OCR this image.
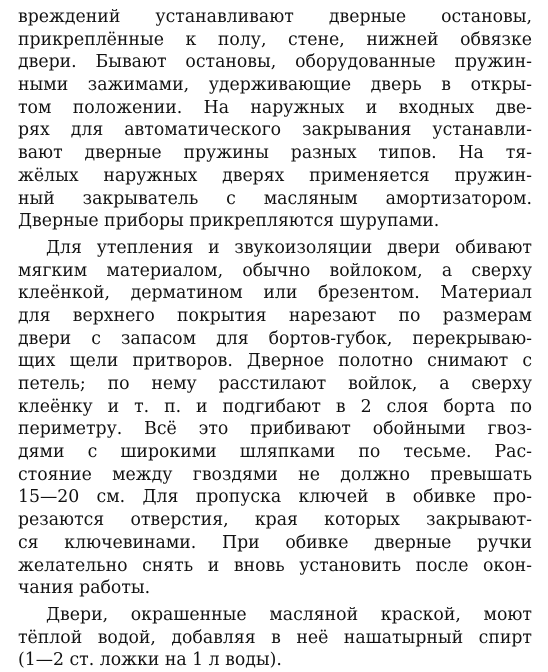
вреждений устанавливают дверные остановы,
прикреплённые к полу, стене, нижней обвязке
двери. Бывают остановы, оборудованные пружин-
ными зажимами, удерживающие дверь в откры-
том положении. На наружных и входных две-
рях для автоматического закрывания устанавли-
вают дверные пружины разных типов. На тя-
жёлых наружных дверях применяется пружин-
ный закрыватель с масляным амортизатором.
Дверные приборы прикрепляются шурупами.
Для утепления и звукоизоляции двери обивают
мягким материалом, обычно войлоком, а сверху
клеёнкой, дерматином или брезентом. Материал
для верхнего покрытия нарезают по размерам
двери с запасом для бортов-губок, перекрываю-
щих щели притворов. Дверное полотно снимают с
петель; по нему расстилают войлок, а сверху
клеёнку и т. п. и подгибают в 2 слоя борта по
периметру. Всё это прибивают обойными гвоз-
дями с широкими шляпками по тесьме. Рас-
стояние между гвоздями не должно превышать
15—20 см. Для пропуска ключей в обивке про-
резаются отверстия, края которых закрывают-
ся ключевинами. При обивке дверные ручки
желательно снять и вновь установить после окон-
чания работы.
Двери, окрашенные масляной краской, моют
тёплой водой, добавляя в неё нашатырный спирт
(1—2 ст. ложки на 1 л воды).
